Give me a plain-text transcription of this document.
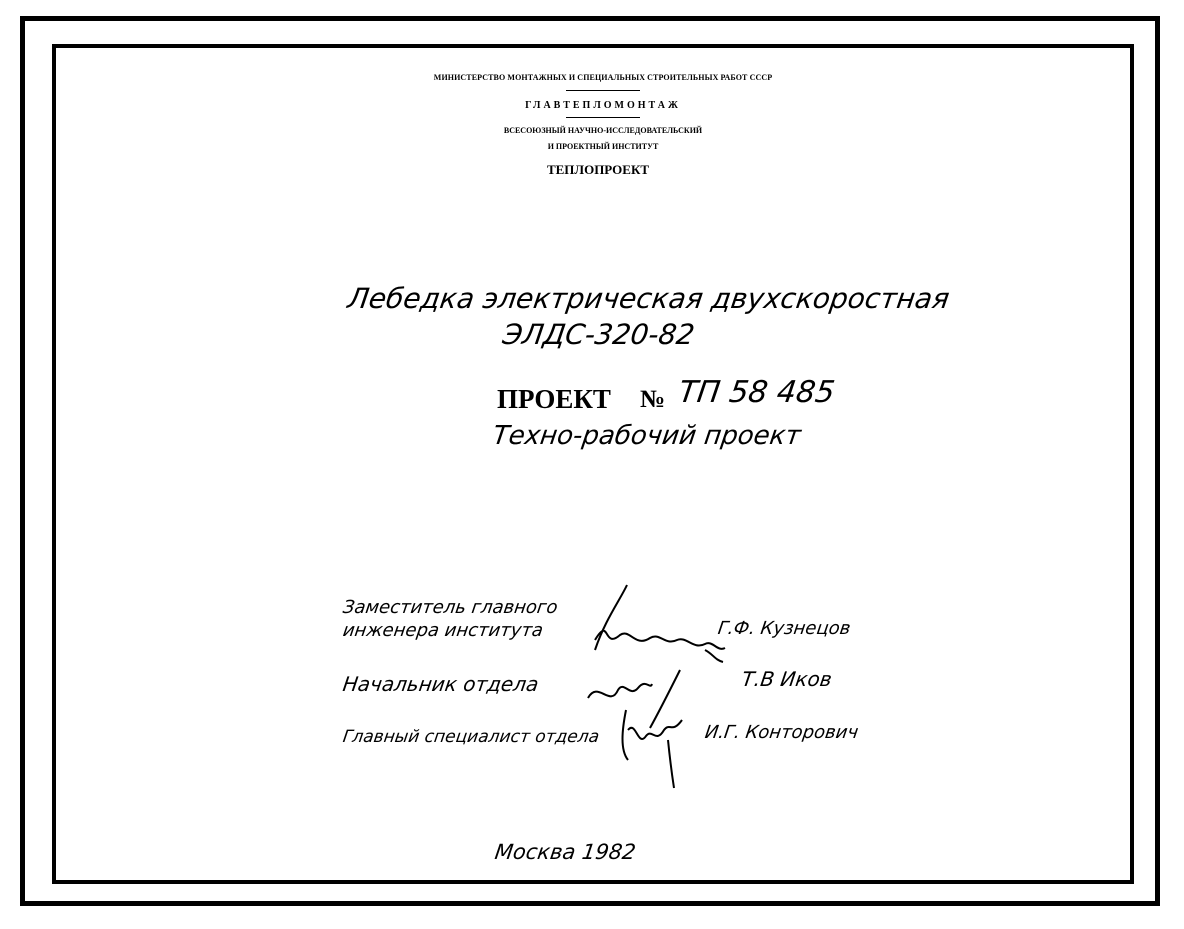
МИНИСТЕРСТВО МОНТАЖНЫХ И СПЕЦИАЛЬНЫХ СТРОИТЕЛЬНЫХ РАБОТ СССР
ГЛАВТЕПЛОМОНТАЖ
ВСЕСОЮЗНЫЙ НАУЧНО-ИССЛЕДОВАТЕЛЬСКИЙ
И ПРОЕКТНЫЙ ИНСТИТУТ
ТЕПЛОПРОЕКТ
Лебедка электрическая двухскоростная
ЭЛДС-320-82
ПРОЕКТ № ТП 58 485
Техно-рабочий проект
Заместитель главного
инженера института	Г.Ф. Кузнецов
Начальник отдела	Т.В Иков
Главный специалист отдела	И.Г. Конторович
Москва 1982
